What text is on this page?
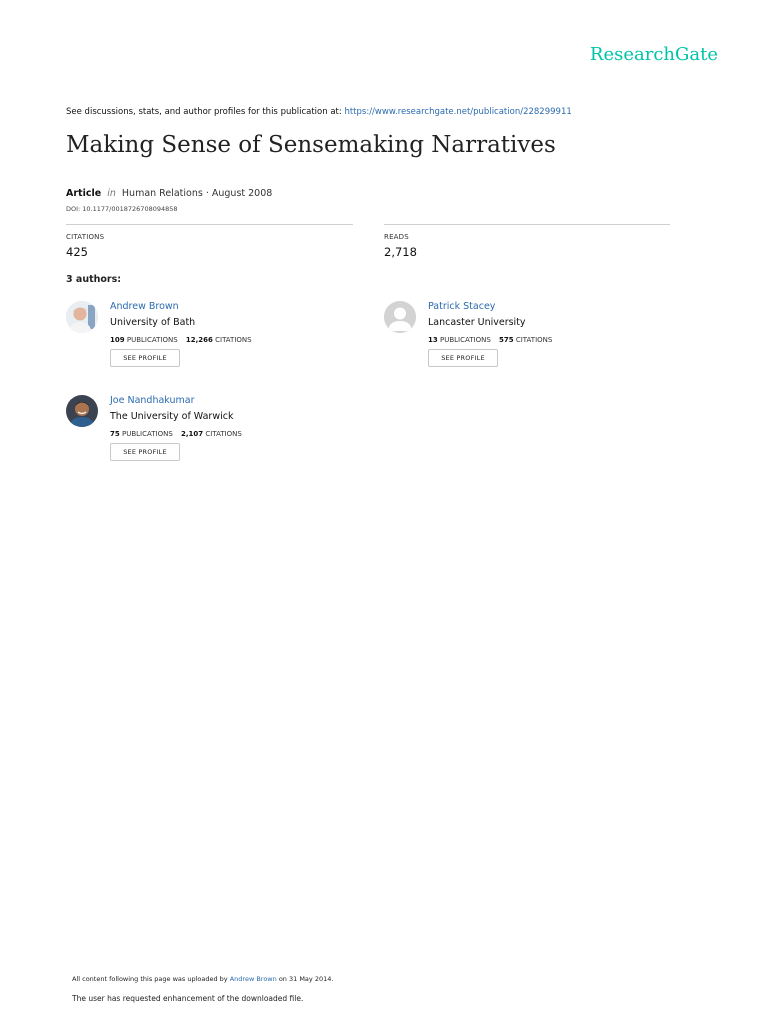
ResearchGate
See discussions, stats, and author profiles for this publication at: https://www.researchgate.net/publication/228299911
Making Sense of Sensemaking Narratives
Article in Human Relations · August 2008
DOI: 10.1177/0018726708094858
CITATIONS
425
READS
2,718
3 authors:
Andrew Brown
University of Bath
109 PUBLICATIONS 12,266 CITATIONS
SEE PROFILE
Patrick Stacey
Lancaster University
13 PUBLICATIONS 575 CITATIONS
SEE PROFILE
Joe Nandhakumar
The University of Warwick
75 PUBLICATIONS 2,107 CITATIONS
SEE PROFILE
All content following this page was uploaded by Andrew Brown on 31 May 2014.
The user has requested enhancement of the downloaded file.
